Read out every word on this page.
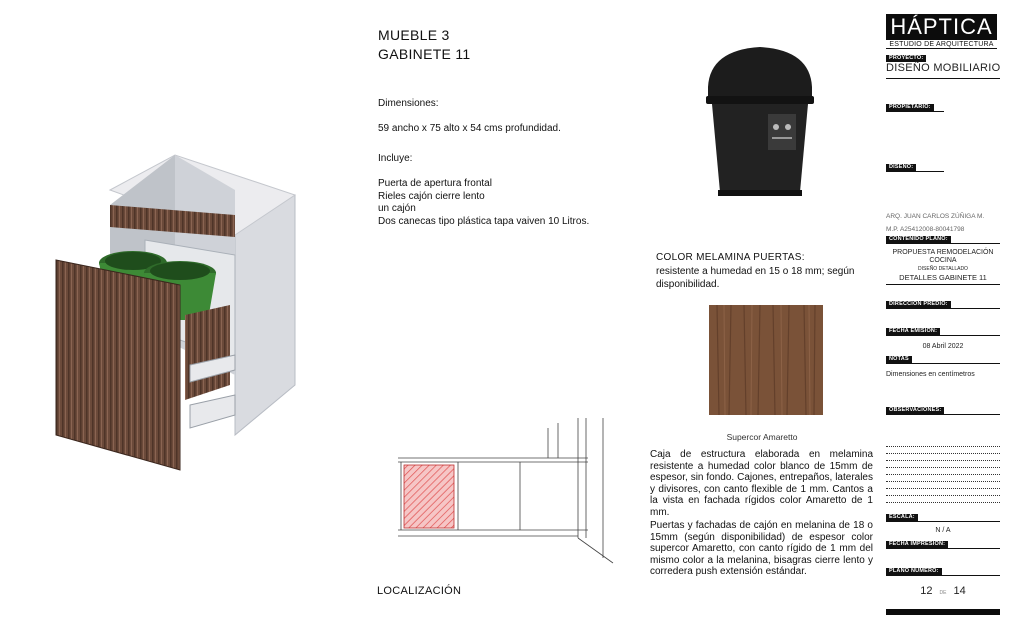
MUEBLE 3
GABINETE 11
Dimensiones:
59 ancho x 75 alto x 54 cms profundidad.
Incluye:
Puerta de apertura frontal
Rieles cajón cierre lento
un cajón
Dos canecas tipo plástica tapa vaiven 10 Litros.
COLOR MELAMINA PUERTAS:
resistente a humedad en 15 o 18 mm; según disponibilidad.
Supercor Amaretto
Caja de estructura elaborada en melamina resistente a humedad color blanco de 15mm de espesor, sin fondo. Cajones, entrepaños, laterales y divisores, con canto flexible de 1 mm. Cantos a la vista en fachada rígidos color Amaretto de 1 mm.
Puertas y fachadas de cajón en melanina de 18 o 15mm (según disponibilidad) de espesor color supercor Amaretto, con canto rígido de 1 mm del mismo color a la melanina, bisagras cierre lento y corredera push extensión estándar.
LOCALIZACIÓN
HÁPTICA
ESTUDIO DE ARQUITECTURA
PROYECTO:
DISEÑO MOBILIARIO
PROPIETARIO:
DISEÑO:
ARQ. JUAN CARLOS ZÚÑIGA M.
M.P. A25412008-80041798
CONTENIDO PLANO:
PROPUESTA REMODELACIÓN COCINA
DISEÑO DETALLADO
DETALLES GABINETE 11
DIRECCIÓN PREDIO:
FECHA EMISIÓN:
08 Abril 2022
NOTAS
Dimensiones en centímetros
OBSERVACIONES:
ESCALA:
N / A
FECHA IMPRESIÓN:
PLANO NÚMERO:
12 DE 14
